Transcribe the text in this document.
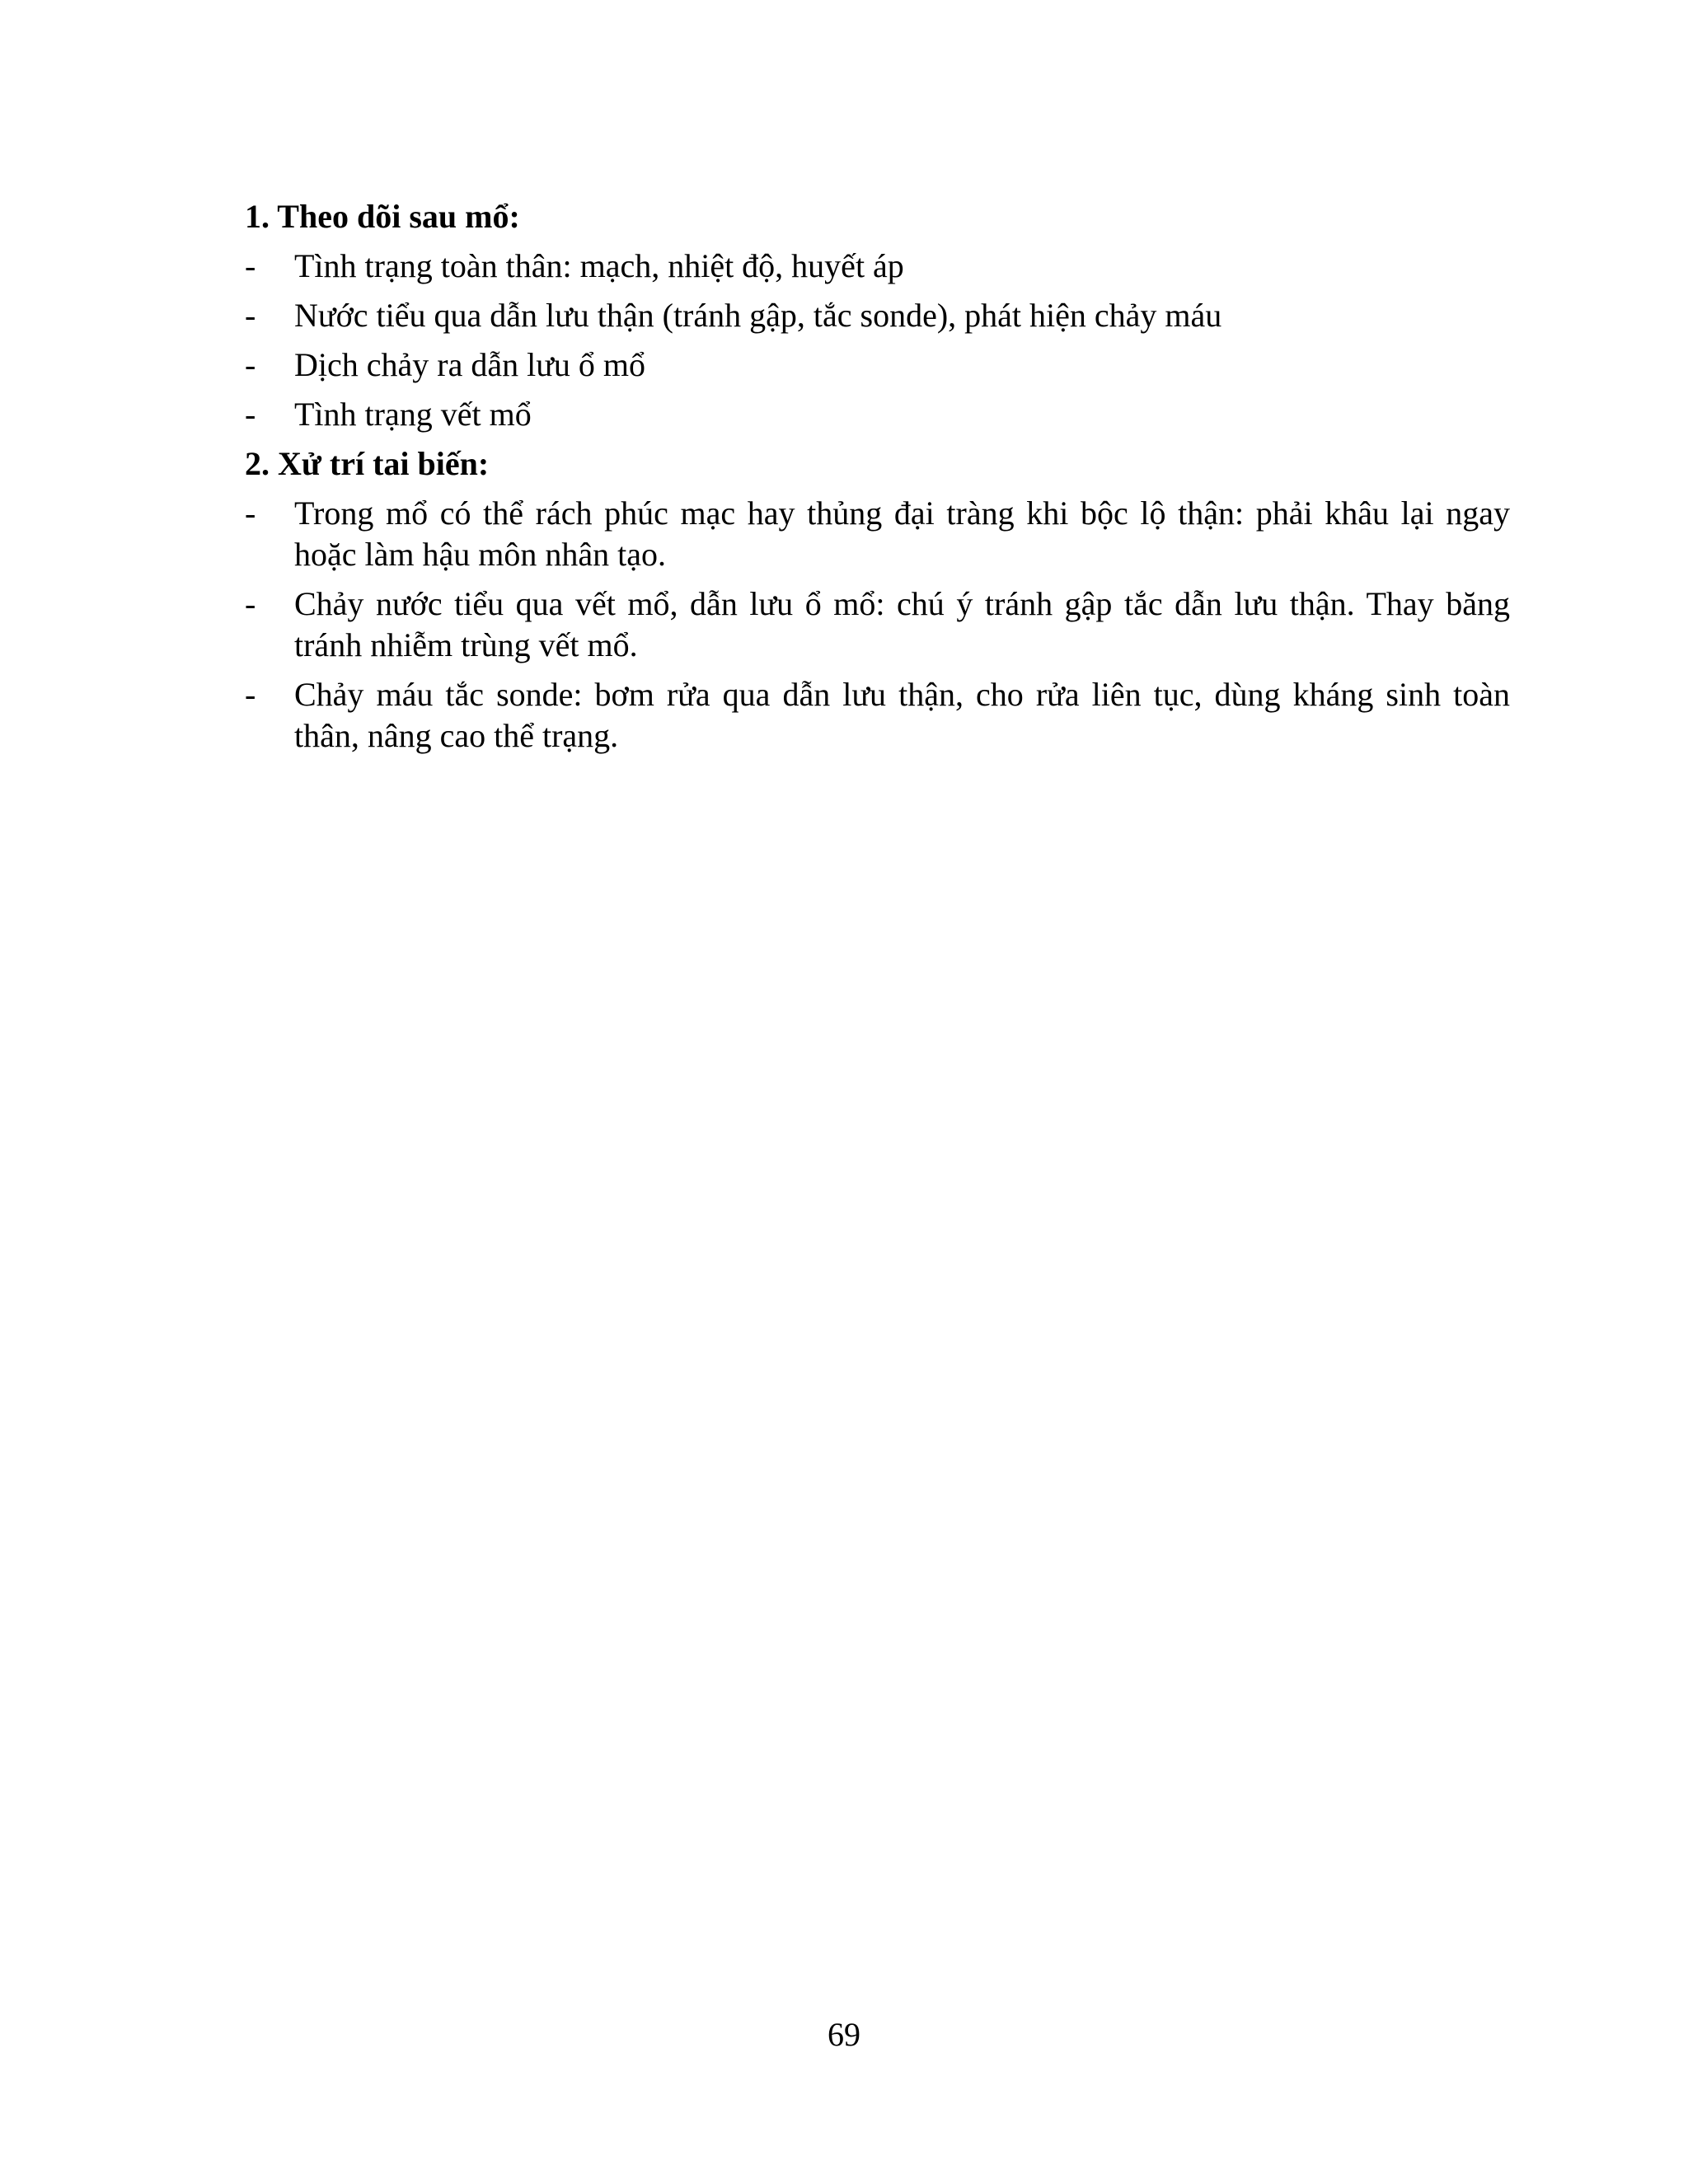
1. Theo dõi sau mổ:
- Tình trạng toàn thân: mạch, nhiệt độ, huyết áp
- Nước tiểu qua dẫn lưu thận (tránh gập, tắc sonde), phát hiện chảy máu
- Dịch chảy ra dẫn lưu ổ mổ
- Tình trạng vết mổ
2. Xử trí tai biến:
- Trong mổ có thể rách phúc mạc hay thủng đại tràng khi bộc lộ thận: phải khâu lại ngay hoặc làm hậu môn nhân tạo.
- Chảy nước tiểu qua vết mổ, dẫn lưu ổ mổ: chú ý tránh gập tắc dẫn lưu thận. Thay băng tránh nhiễm trùng vết mổ.
- Chảy máu tắc sonde: bơm rửa qua dẫn lưu thận, cho rửa liên tục, dùng kháng sinh toàn thân, nâng cao thể trạng.
69
